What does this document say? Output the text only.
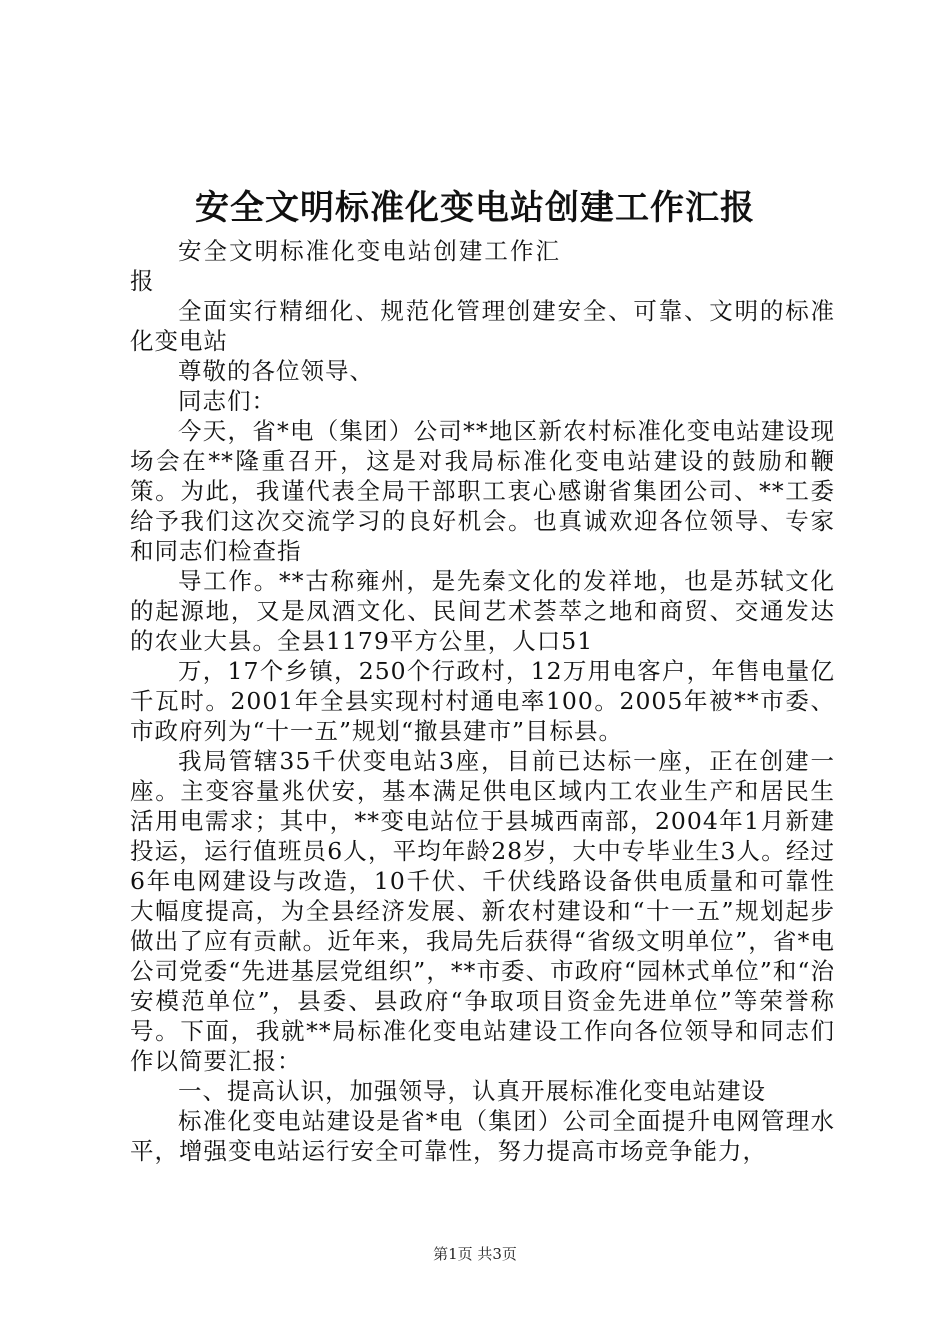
安全文明标准化变电站创建工作汇报

安全文明标准化变电站创建工作汇报

全面实行精细化、规范化管理创建安全、可靠、文明的标准化变电站

尊敬的各位领导、

同志们：

今天，省*电（集团）公司**地区新农村标准化变电站建设现场会在**隆重召开，这是对我局标准化变电站建设的鼓励和鞭策。为此，我谨代表全局干部职工衷心感谢省集团公司、**工委给予我们这次交流学习的良好机会。也真诚欢迎各位领导、专家和同志们检查指

导工作。**古称雍州，是先秦文化的发祥地，也是苏轼文化的起源地，又是凤酒文化、民间艺术荟萃之地和商贸、交通发达的农业大县。全县1179平方公里，人口51

万，17个乡镇，250个行政村，12万用电客户，年售电量亿千瓦时。2001年全县实现村村通电率100。2005年被**市委、市政府列为“十一五”规划“撤县建市”目标县。

我局管辖35千伏变电站3座，目前已达标一座，正在创建一座。主变容量兆伏安，基本满足供电区域内工农业生产和居民生活用电需求；其中，**变电站位于县城西南部，2004年1月新建投运，运行值班员6人，平均年龄28岁，大中专毕业生3人。经过6年电网建设与改造，10千伏、千伏线路设备供电质量和可靠性大幅度提高，为全县经济发展、新农村建设和“十一五”规划起步做出了应有贡献。近年来，我局先后获得“省级文明单位”，省*电公司党委“先进基层党组织”，**市委、市政府“园林式单位”和“治安模范单位”，县委、县政府“争取项目资金先进单位”等荣誉称号。下面，我就**局标准化变电站建设工作向各位领导和同志们作以简要汇报：

一、提高认识，加强领导，认真开展标准化变电站建设

标准化变电站建设是省*电（集团）公司全面提升电网管理水平，增强变电站运行安全可靠性，努力提高市场竞争能力，

第1页 共3页
